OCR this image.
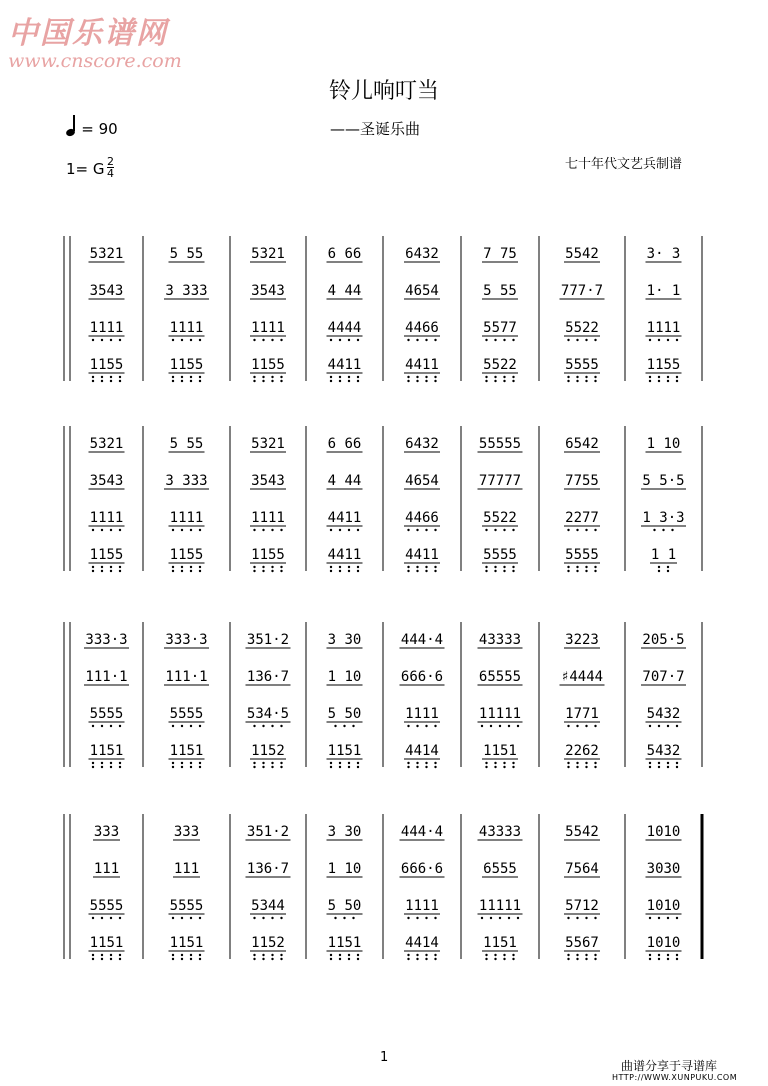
中国乐谱网
www.cnscore.com
铃儿响叮当
——圣诞乐曲
= 90
1= G 2
4
七十年代文艺兵制谱
5321	5 55	5321	6 66	6432	7 75	5542	3· 3
3543	3 333	3543	4 44	4654	5 55	777·7	1· 1
1111	1111	1111	4444	4466	5577	5522	1111
1155	1155	1155	4411	4411	5522	5555	1155
5321	5 55	5321	6 66	6432	55555	6542	1 10
3543	3 333	3543	4 44	4654	77777	7755	5 5·5
1111	1111	1111	4411	4466	5522	2277	1 3·3
1155	1155	1155	4411	4411	5555	5555	1 1
333·3	333·3	351·2	3 30	444·4	43333	3223	205·5
111·1	111·1	136·7	1 10	666·6	65555	♯4444	707·7
5555	5555	534·5	5 50	1111	11111	1771	5432
1151	1151	1152	1151	4414	1151	2262	5432
333	333	351·2	3 30	444·4	43333	5542	1010
111	111	136·7	1 10	666·6	6555	7564	3030
5555	5555	5344	5 50	1111	11111	5712	1010
1151	1151	1152	1151	4414	1151	5567	1010
1
曲谱分享于寻谱库
HTTP://WWW.XUNPUKU.COM
